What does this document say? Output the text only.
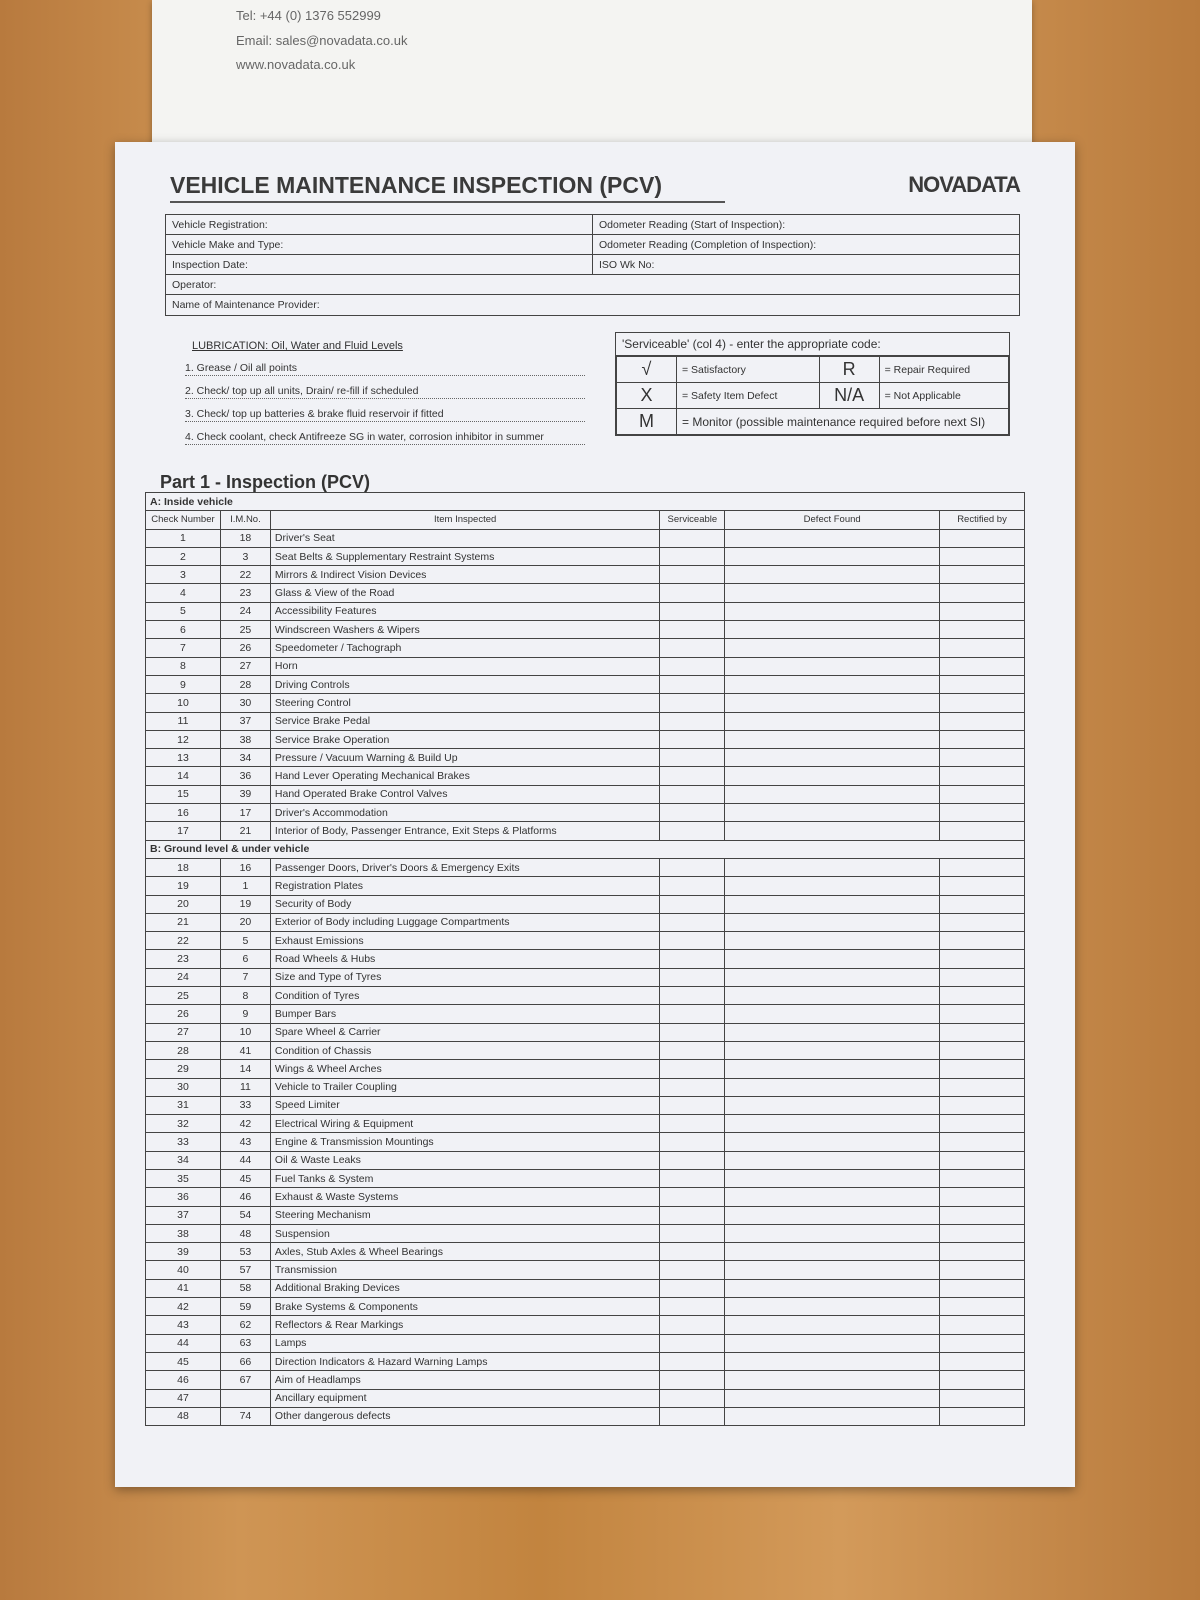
Tel: +44 (0) 1376 552999
Email: sales@novadata.co.uk
www.novadata.co.uk
VEHICLE MAINTENANCE INSPECTION (PCV)	NOVADATA
Vehicle Registration:	Odometer Reading (Start of Inspection):
Vehicle Make and Type:	Odometer Reading (Completion of Inspection):
Inspection Date:	ISO Wk No:
Operator:
Name of Maintenance Provider:
LUBRICATION: Oil, Water and Fluid Levels
1. Grease / Oil all points
2. Check/ top up all units, Drain/ re-fill if scheduled
3. Check/ top up batteries & brake fluid reservoir if fitted
4. Check coolant, check Antifreeze SG in water, corrosion inhibitor in summer
'Serviceable' (col 4) - enter the appropriate code:
√	= Satisfactory	R	= Repair Required
X	= Safety Item Defect	N/A	= Not Applicable
M	= Monitor (possible maintenance required before next SI)		
Part 1 - Inspection (PCV)
A: Inside vehicle					
Check Number	I.M.No.	Item Inspected	Serviceable	Defect Found	Rectified by
1	18	Driver's Seat			
2	3	Seat Belts & Supplementary Restraint Systems			
3	22	Mirrors & Indirect Vision Devices			
4	23	Glass & View of the Road			
5	24	Accessibility Features			
6	25	Windscreen Washers & Wipers			
7	26	Speedometer / Tachograph			
8	27	Horn			
9	28	Driving Controls			
10	30	Steering Control			
11	37	Service Brake Pedal			
12	38	Service Brake Operation			
13	34	Pressure / Vacuum Warning & Build Up			
14	36	Hand Lever Operating Mechanical Brakes			
15	39	Hand Operated Brake Control Valves			
16	17	Driver's Accommodation			
17	21	Interior of Body, Passenger Entrance, Exit Steps & Platforms			
B: Ground level & under vehicle					
18	16	Passenger Doors, Driver's Doors & Emergency Exits			
19	1	Registration Plates			
20	19	Security of Body			
21	20	Exterior of Body including Luggage Compartments			
22	5	Exhaust Emissions			
23	6	Road Wheels & Hubs			
24	7	Size and Type of Tyres			
25	8	Condition of Tyres			
26	9	Bumper Bars			
27	10	Spare Wheel & Carrier			
28	41	Condition of Chassis			
29	14	Wings & Wheel Arches			
30	11	Vehicle to Trailer Coupling			
31	33	Speed Limiter			
32	42	Electrical Wiring & Equipment			
33	43	Engine & Transmission Mountings			
34	44	Oil & Waste Leaks			
35	45	Fuel Tanks & System			
36	46	Exhaust & Waste Systems			
37	54	Steering Mechanism			
38	48	Suspension			
39	53	Axles, Stub Axles & Wheel Bearings			
40	57	Transmission			
41	58	Additional Braking Devices			
42	59	Brake Systems & Components			
43	62	Reflectors & Rear Markings			
44	63	Lamps			
45	66	Direction Indicators & Hazard Warning Lamps			
46	67	Aim of Headlamps			
47		Ancillary equipment			
48	74	Other dangerous defects			
